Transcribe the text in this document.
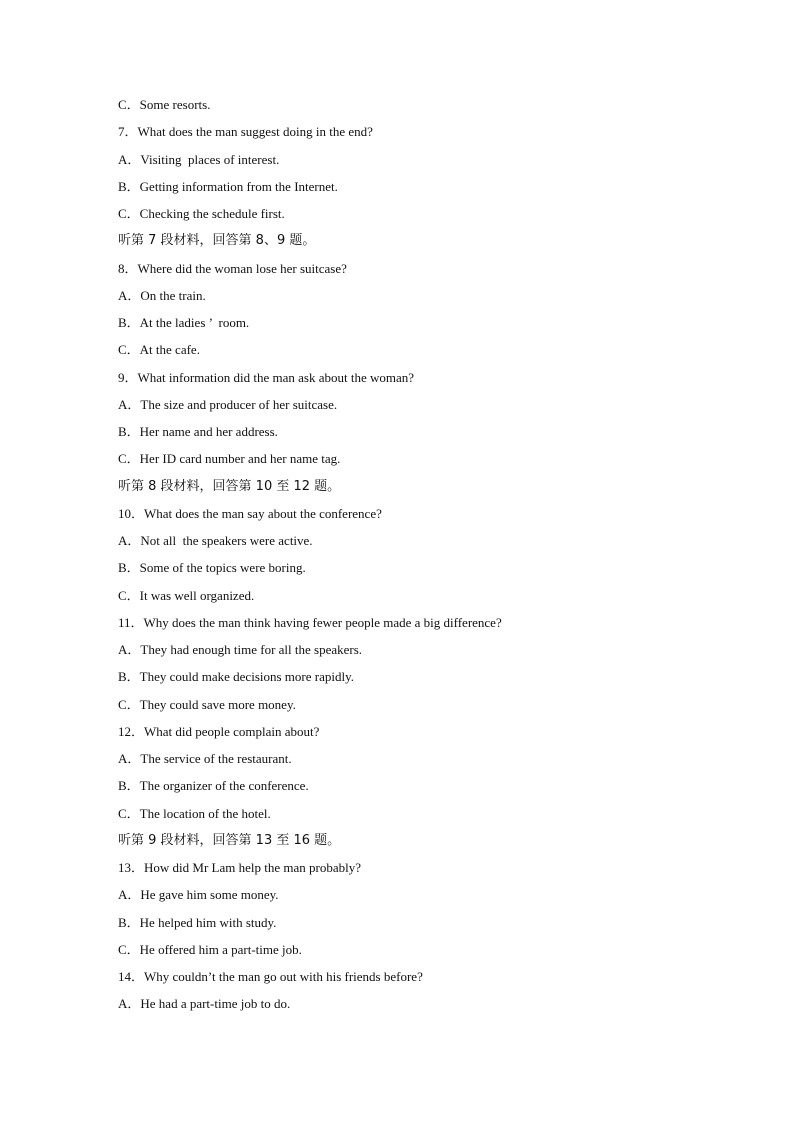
C．Some resorts.
7．What does the man suggest doing in the end?
A．Visiting  places of interest.
B．Getting information from the Internet.
C．Checking the schedule first.
听第 7 段材料，回答第 8、9 题。
8．Where did the woman lose her suitcase?
A．On the train.
B．At the ladies ’  room.
C．At the cafe.
9．What information did the man ask about the woman?
A．The size and producer of her suitcase.
B．Her name and her address.
C．Her ID card number and her name tag.
听第 8 段材料，回答第 10 至 12 题。
10．What does the man say about the conference?
A．Not all  the speakers were active.
B．Some of the topics were boring.
C．It was well organized.
11．Why does the man think having fewer people made a big difference?
A．They had enough time for all the speakers.
B．They could make decisions more rapidly.
C．They could save more money.
12．What did people complain about?
A．The service of the restaurant.
B．The organizer of the conference.
C．The location of the hotel.
听第 9 段材料，回答第 13 至 16 题。
13．How did Mr Lam help the man probably?
A．He gave him some money.
B．He helped him with study.
C．He offered him a part-time job.
14．Why couldn’t the man go out with his friends before?
A．He had a part-time job to do.
